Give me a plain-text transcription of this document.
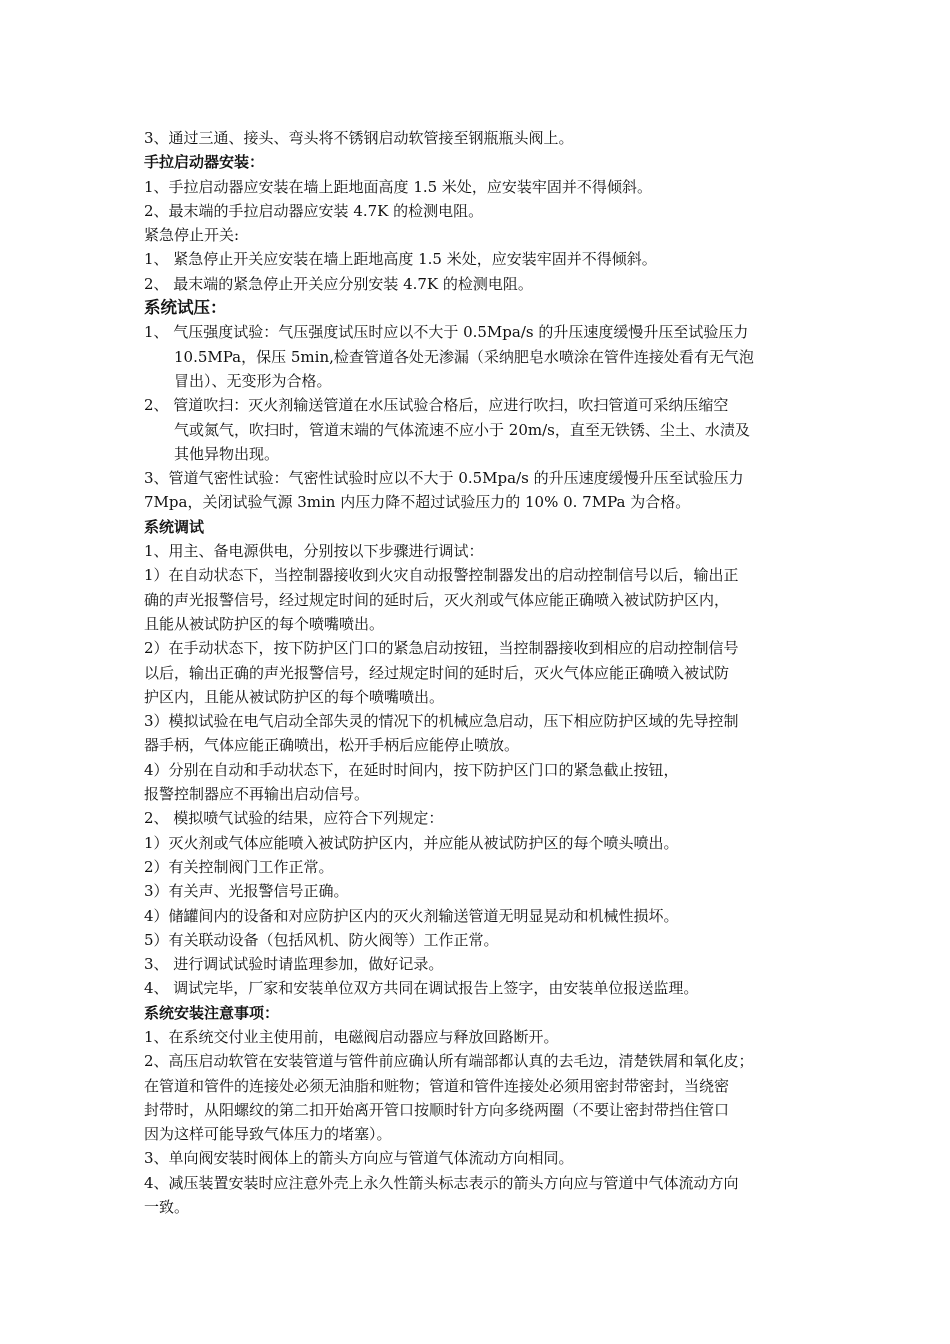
3、通过三通、接头、弯头将不锈钢启动软管接至钢瓶瓶头阀上。

手拉启动器安装：

1、手拉启动器应安装在墙上距地面高度 1.5 米处，应安装牢固并不得倾斜。

2、最末端的手拉启动器应安装 4.7K 的检测电阻。

紧急停止开关:

1、 紧急停止开关应安装在墙上距地高度 1.5 米处，应安装牢固并不得倾斜。

2、 最末端的紧急停止开关应分别安装 4.7K 的检测电阻。

系统试压：

1、 气压强度试验：气压强度试压时应以不大于 0.5Mpa/s 的升压速度缓慢升压至试验压力

10.5MPa，保压 5min,检查管道各处无渗漏（采纳肥皂水喷涂在管件连接处看有无气泡

冒出）、无变形为合格。

2、 管道吹扫：灭火剂输送管道在水压试验合格后，应进行吹扫，吹扫管道可采纳压缩空

气或氮气，吹扫时，管道末端的气体流速不应小于 20m/s，直至无铁锈、尘土、水渍及

其他异物出现。

3、管道气密性试验：气密性试验时应以不大于 0.5Mpa/s 的升压速度缓慢升压至试验压力

7Mpa，关闭试验气源 3min 内压力降不超过试验压力的 10% 0. 7MPa 为合格。

系统调试

1、用主、备电源供电，分别按以下步骤进行调试：

1）在自动状态下，当控制器接收到火灾自动报警控制器发出的启动控制信号以后，输出正

确的声光报警信号，经过规定时间的延时后，灭火剂或气体应能正确喷入被试防护区内，

且能从被试防护区的每个喷嘴喷出。

2）在手动状态下，按下防护区门口的紧急启动按钮，当控制器接收到相应的启动控制信号

以后，输出正确的声光报警信号，经过规定时间的延时后，灭火气体应能正确喷入被试防

护区内，且能从被试防护区的每个喷嘴喷出。

3）模拟试验在电气启动全部失灵的情况下的机械应急启动，压下相应防护区域的先导控制

器手柄，气体应能正确喷出，松开手柄后应能停止喷放。

4）分别在自动和手动状态下，在延时时间内，按下防护区门口的紧急截止按钮，

报警控制器应不再输出启动信号。

2、 模拟喷气试验的结果，应符合下列规定：

1）灭火剂或气体应能喷入被试防护区内，并应能从被试防护区的每个喷头喷出。

2）有关控制阀门工作正常。

3）有关声、光报警信号正确。

4）储罐间内的设备和对应防护区内的灭火剂输送管道无明显晃动和机械性损坏。

5）有关联动设备（包括风机、防火阀等）工作正常。

3、 进行调试试验时请监理参加，做好记录。

4、 调试完毕，厂家和安装单位双方共同在调试报告上签字，由安装单位报送监理。

系统安装注意事项：

1、在系统交付业主使用前，电磁阀启动器应与释放回路断开。

2、高压启动软管在安装管道与管件前应确认所有端部都认真的去毛边，清楚铁屑和氧化皮；

在管道和管件的连接处必须无油脂和赃物；管道和管件连接处必须用密封带密封，当绕密

封带时，从阳螺纹的第二扣开始离开管口按顺时针方向多绕两圈（不要让密封带挡住管口

因为这样可能导致气体压力的堵塞）。

3、单向阀安装时阀体上的箭头方向应与管道气体流动方向相同。

4、减压装置安装时应注意外壳上永久性箭头标志表示的箭头方向应与管道中气体流动方向

一致。
